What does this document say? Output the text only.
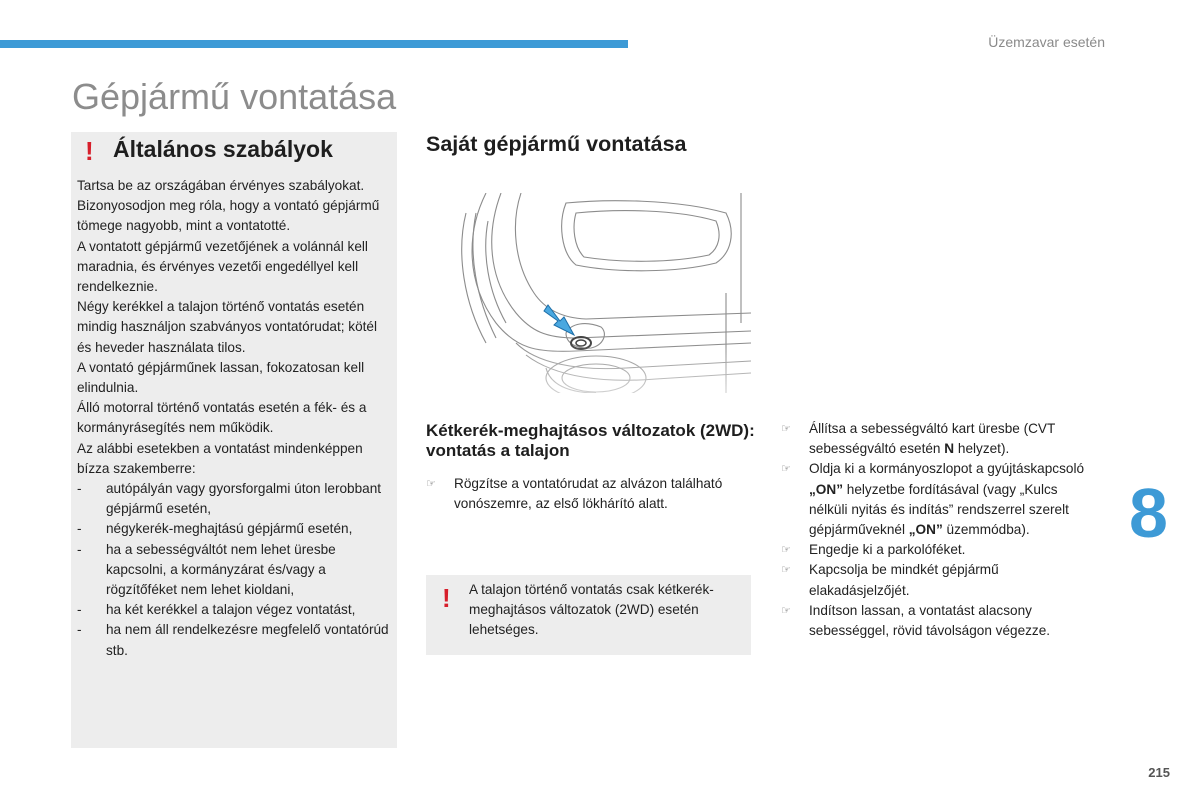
Üzemzavar esetén
Gépjármű vontatása
! Általános szabályok

Tartsa be az országában érvényes szabályokat.

Bizonyosodjon meg róla, hogy a vontató gépjármű tömege nagyobb, mint a vontatotté.

A vontatott gépjármű vezetőjének a volánnál kell maradnia, és érvényes vezetői engedéllyel kell rendelkeznie.

Négy kerékkel a talajon történő vontatás esetén mindig használjon szabványos vontatórudat; kötél és heveder használata tilos.

A vontató gépjárműnek lassan, fokozatosan kell elindulnia.

Álló motorral történő vontatás esetén a fék- és a kormányrásegítés nem működik.

Az alábbi esetekben a vontatást mindenképpen bízza szakemberre:

- autópályán vagy gyorsforgalmi úton lerobbant gépjármű esetén,
- négykerék-meghajtású gépjármű esetén,
- ha a sebességváltót nem lehet üresbe kapcsolni, a kormányzárat és/vagy a rögzítőféket nem lehet kioldani,
- ha két kerékkel a talajon végez vontatást,
- ha nem áll rendelkezésre megfelelő vontatórúd stb.
Saját gépjármű vontatása
Kétkerék-meghajtásos változatok (2WD): vontatás a talajon
☞ Rögzítse a vontatórudat az alvázon található vonószemre, az első lökhárító alatt.
! A talajon történő vontatás csak kétkerék-meghajtásos változatok (2WD) esetén lehetséges.
☞ Állítsa a sebességváltó kart üresbe (CVT sebességváltó esetén N helyzet).
☞ Oldja ki a kormányoszlopot a gyújtáskapcsoló „ON” helyzetbe fordításával (vagy „Kulcs nélküli nyitás és indítás” rendszerrel szerelt gépjárműveknél „ON” üzemmódba).
☞ Engedje ki a parkolóféket.
☞ Kapcsolja be mindkét gépjármű elakadásjelzőjét.
☞ Indítson lassan, a vontatást alacsony sebességgel, rövid távolságon végezze.
8
215
